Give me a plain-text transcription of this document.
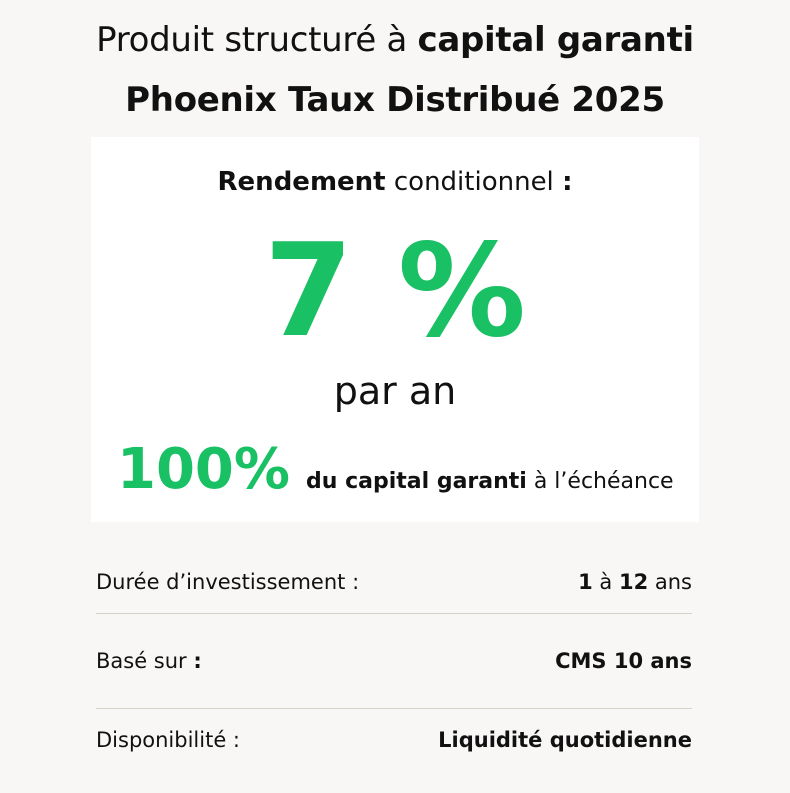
Produit structuré à capital garanti
Phoenix Taux Distribué 2025
Rendement conditionnel :
7 %
par an
100% du capital garanti à l’échéance
Durée d’investissement :	1 à 12 ans
Basé sur :	CMS 10 ans
Disponibilité :	Liquidité quotidienne
